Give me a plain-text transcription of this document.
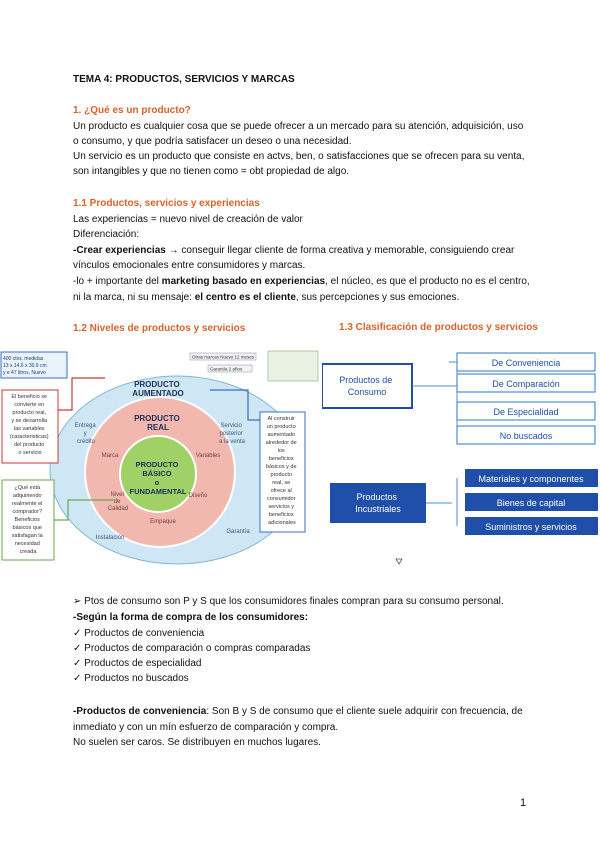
TEMA 4: PRODUCTOS, SERVICIOS Y MARCAS
1. ¿Qué es un producto?
Un producto es cualquier cosa que se puede ofrecer a un mercado para su atención, adquisición, uso
o consumo, y que podría satisfacer un deseo o una necesidad.
Un servicio es un producto que consiste en actvs, ben, o satisfacciones que se ofrecen para su venta,
son intangibles y que no tienen como = obt propiedad de algo.
1.1 Productos, servicios y experiencias
Las experiencias = nuevo nivel de creación de valor
Diferenciación:
-Crear experiencias → conseguir llegar cliente de forma creativa y memorable, consiguiendo crear
vínculos emocionales entre consumidores y marcas.
-lo + importante del marketing basado en experiencias, el núcleo, es que el producto no es el centro,
ni la marca, ni su mensaje: el centro es el cliente, sus percepciones y sus emociones.
1.2 Niveles de productos y servicios	1.3 Clasificación de productos y servicios
400 ctvs. medidas 13 x 14.6 x 30.9 cm y e 47 litros, Nuevo
Otras marcas Nuevo 12 meses
Garantía 2 años
PRODUCTO AUMENTADO
PRODUCTO REAL
PRODUCTO BÁSICO o FUNDAMENTAL
Entrega y crédito
Servicio posterior a la venta
Marca	Variables
Nivel de Calidad
Diseño
Empaque
Instalación
Garantía
El beneficio se convierte en producto real, y se desarrolla las variables (caracteristicas) del producto o servicio
¿Qué está adquiriendo realmente el comprador? Beneficios básicos que satisfagan la necesidad creada
Al construir un producto aumentado alrededor de los beneficios básicos y de producto real, se ofrece al consumidor servicios y beneficios adicionales
Productos de Consumo
De Conveniencia
De Comparación
De Especialidad
No buscados
Productos Incustriales
Materiales y componentes
Bienes de capital
Suministros y servicios
➢ Ptos de consumo son P y S que los consumidores finales compran para su consumo personal.
-Según la forma de compra de los consumidores:
✓ Productos de conveniencia
✓ Productos de comparación o compras comparadas
✓ Productos de especialidad
✓ Productos no buscados
-Productos de conveniencia: Son B y S de consumo que el cliente suele adquirir con frecuencia, de
inmediato y con un mín esfuerzo de comparación y compra.
No suelen ser caros. Se distribuyen en muchos lugares.
1
